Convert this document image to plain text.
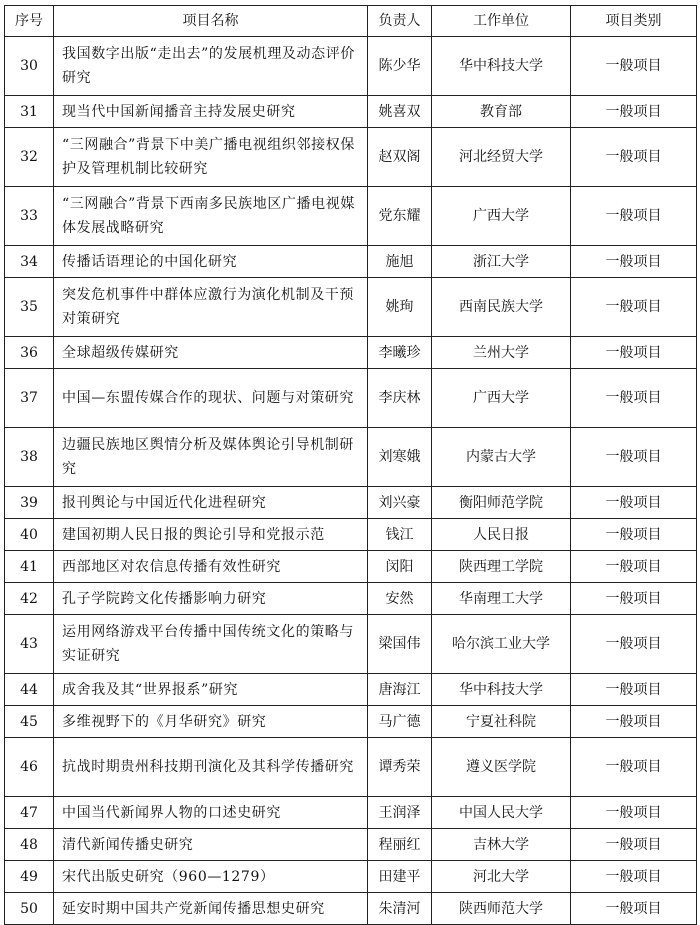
序号	项目名称	负责人	工作单位	项目类别
30	我国数字出版“走出去”的发展机理及动态评价研究	陈少华	华中科技大学	一般项目
31	现当代中国新闻播音主持发展史研究	姚喜双	教育部	一般项目
32	“三网融合”背景下中美广播电视组织邻接权保护及管理机制比较研究	赵双阁	河北经贸大学	一般项目
33	“三网融合”背景下西南多民族地区广播电视媒体发展战略研究	党东耀	广西大学	一般项目
34	传播话语理论的中国化研究	施旭	浙江大学	一般项目
35	突发危机事件中群体应激行为演化机制及干预对策研究	姚珣	西南民族大学	一般项目
36	全球超级传媒研究	李曦珍	兰州大学	一般项目
37	中国—东盟传媒合作的现状、问题与对策研究	李庆林	广西大学	一般项目
38	边疆民族地区舆情分析及媒体舆论引导机制研究	刘寒娥	内蒙古大学	一般项目
39	报刊舆论与中国近代化进程研究	刘兴豪	衡阳师范学院	一般项目
40	建国初期人民日报的舆论引导和党报示范	钱江	人民日报	一般项目
41	西部地区对农信息传播有效性研究	闵阳	陕西理工学院	一般项目
42	孔子学院跨文化传播影响力研究	安然	华南理工大学	一般项目
43	运用网络游戏平台传播中国传统文化的策略与实证研究	梁国伟	哈尔滨工业大学	一般项目
44	成舍我及其“世界报系”研究	唐海江	华中科技大学	一般项目
45	多维视野下的《月华研究》研究	马广德	宁夏社科院	一般项目
46	抗战时期贵州科技期刊演化及其科学传播研究	谭秀荣	遵义医学院	一般项目
47	中国当代新闻界人物的口述史研究	王润泽	中国人民大学	一般项目
48	清代新闻传播史研究	程丽红	吉林大学	一般项目
49	宋代出版史研究（960—1279）	田建平	河北大学	一般项目
50	延安时期中国共产党新闻传播思想史研究	朱清河	陕西师范大学	一般项目
